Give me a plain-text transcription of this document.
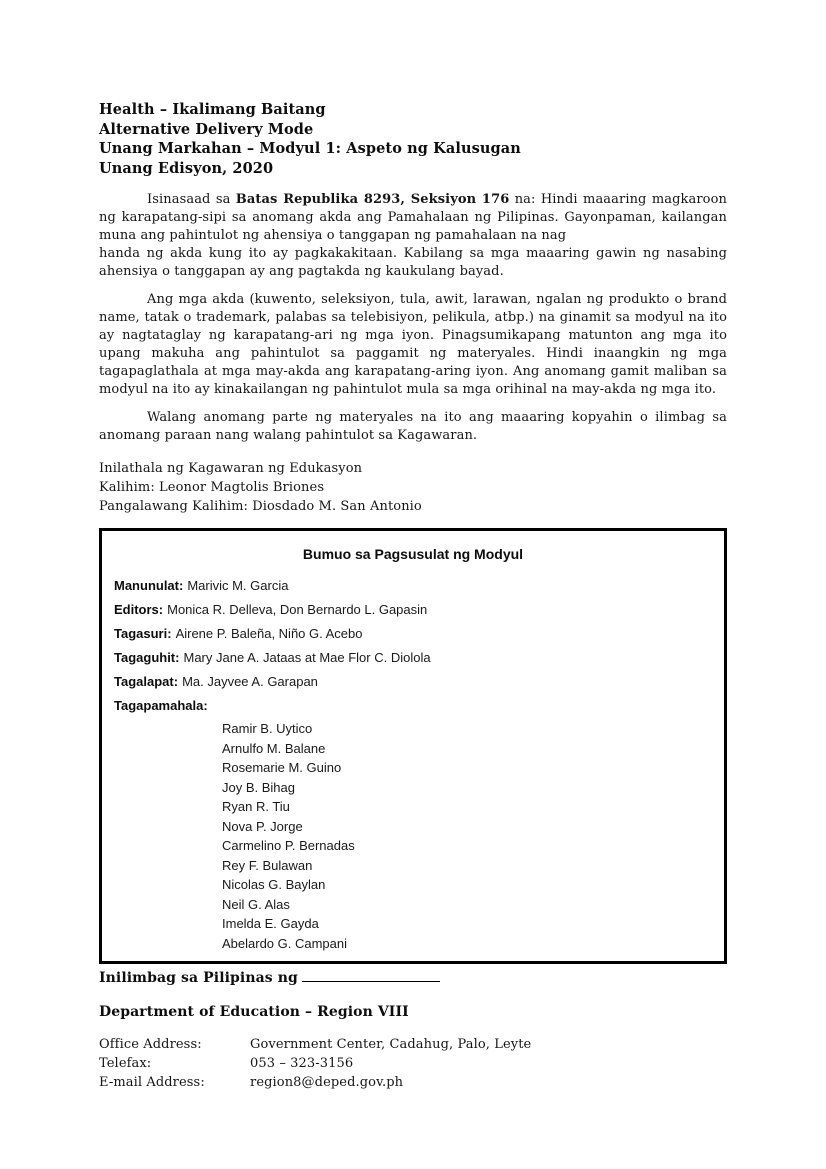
Health – Ikalimang Baitang
Alternative Delivery Mode
Unang Markahan – Modyul 1: Aspeto ng Kalusugan
Unang Edisyon, 2020

Isinasaad sa Batas Republika 8293, Seksiyon 176 na: Hindi maaaring magkaroon ng karapatang-sipi sa anomang akda ang Pamahalaan ng Pilipinas. Gayonpaman, kailangan muna ang pahintulot ng ahensiya o tanggapan ng pamahalaan na nag
handa ng akda kung ito ay pagkakakitaan. Kabilang sa mga maaaring gawin ng nasabing ahensiya o tanggapan ay ang pagtakda ng kaukulang bayad.

Ang mga akda (kuwento, seleksiyon, tula, awit, larawan, ngalan ng produkto o brand name, tatak o trademark, palabas sa telebisiyon, pelikula, atbp.) na ginamit sa modyul na ito ay nagtataglay ng karapatang-ari ng mga iyon. Pinagsumikapang matunton ang mga ito upang makuha ang pahintulot sa paggamit ng materyales. Hindi inaangkin ng mga tagapaglathala at mga may-akda ang karapatang-aring iyon. Ang anomang gamit maliban sa modyul na ito ay kinakailangan ng pahintulot mula sa mga orihinal na may-akda ng mga ito.

Walang anomang parte ng materyales na ito ang maaaring kopyahin o ilimbag sa anomang paraan nang walang pahintulot sa Kagawaran.

Inilathala ng Kagawaran ng Edukasyon
Kalihim: Leonor Magtolis Briones
Pangalawang Kalihim: Diosdado M. San Antonio
Bumuo sa Pagsusulat ng Modyul
Manunulat: Marivic M. Garcia
Editors: Monica R. Delleva, Don Bernardo L. Gapasin
Tagasuri: Airene P. Baleña, Niño G. Acebo
Tagaguhit: Mary Jane A. Jataas at Mae Flor C. Diolola
Tagalapat: Ma. Jayvee A. Garapan
Tagapamahala:
Ramir B. Uytico
Arnulfo M. Balane
Rosemarie M. Guino
Joy B. Bihag
Ryan R. Tiu
Nova P. Jorge
Carmelino P. Bernadas
Rey F. Bulawan
Nicolas G. Baylan
Neil G. Alas
Imelda E. Gayda
Abelardo G. Campani
Inilimbag sa Pilipinas ng
Department of Education – Region VIII
Office Address:	Government Center, Cadahug, Palo, Leyte
Telefax:	053 – 323-3156
E-mail Address:	region8@deped.gov.ph
